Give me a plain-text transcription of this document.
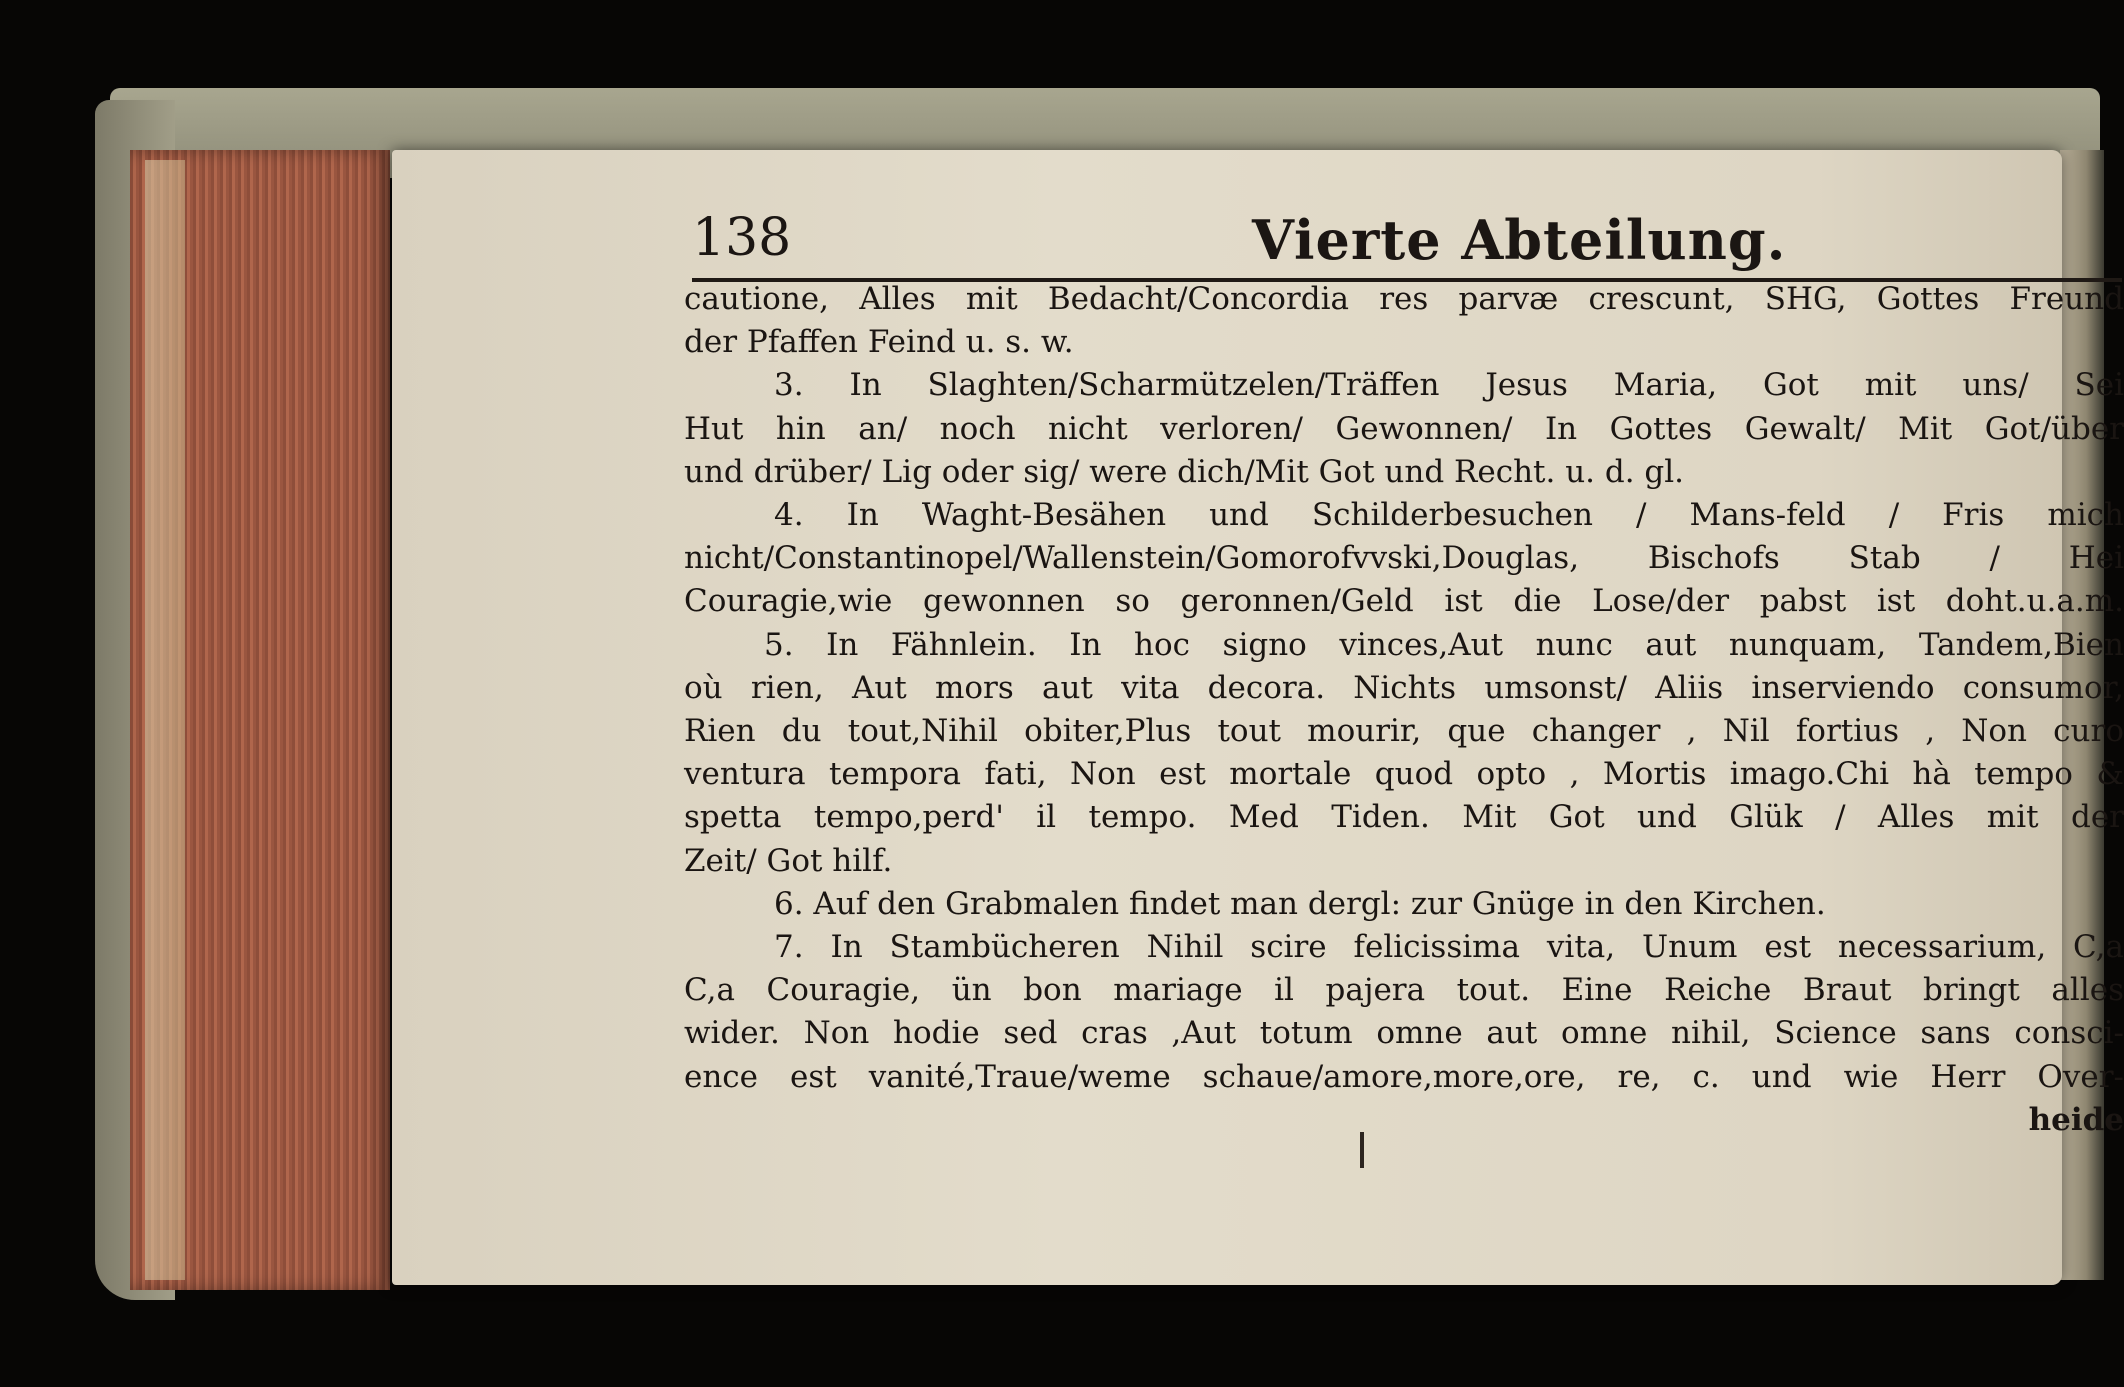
138	Vierte Abteilung.
cautione, Alles mit Bedacht/Concordia res parvæ crescunt, SHG, Gottes Freund
der Pfaffen Feind u. s. w.
3. In Slaghten/Scharmützelen/Träffen Jesus Maria, Got mit uns/ Sei
Hut hin an/ noch nicht verloren/ Gewonnen/ In Gottes Gewalt/ Mit Got/über
und drüber/ Lig oder sig/ were dich/Mit Got und Recht. u. d. gl.
4. In Waght-Besähen und Schilderbesuchen / Mans-feld / Fris mich
nicht/Constantinopel/Wallenstein/Gomorofvvski,Douglas, Bischofs Stab / Hei
Couragie,wie gewonnen so geronnen/Geld ist die Lose/der pabst ist doht.u.a.m.
5. In Fähnlein. In hoc signo vinces,Aut nunc aut nunquam, Tandem,Bien
où rien, Aut mors aut vita decora. Nichts umsonst/ Aliis inserviendo consumor,
Rien du tout,Nihil obiter,Plus tout mourir, que changer , Nil fortius , Non curo
ventura tempora fati, Non est mortale quod opto , Mortis imago.Chi hà tempo &
spetta tempo,perd' il tempo. Med Tiden. Mit Got und Glük / Alles mit der
Zeit/ Got hilf.
6. Auf den Grabmalen findet man dergl: zur Gnüge in den Kirchen.
7. In Stambücheren Nihil scire felicissima vita, Unum est necessarium, C,a
C,a Couragie, ün bon mariage il pajera tout. Eine Reiche Braut bringt alles
wider. Non hodie sed cras ,Aut totum omne aut omne nihil, Science sans consci-
ence est vanité,Traue/weme schaue/amore,more,ore, re, c. und wie Herr Over-
heide
